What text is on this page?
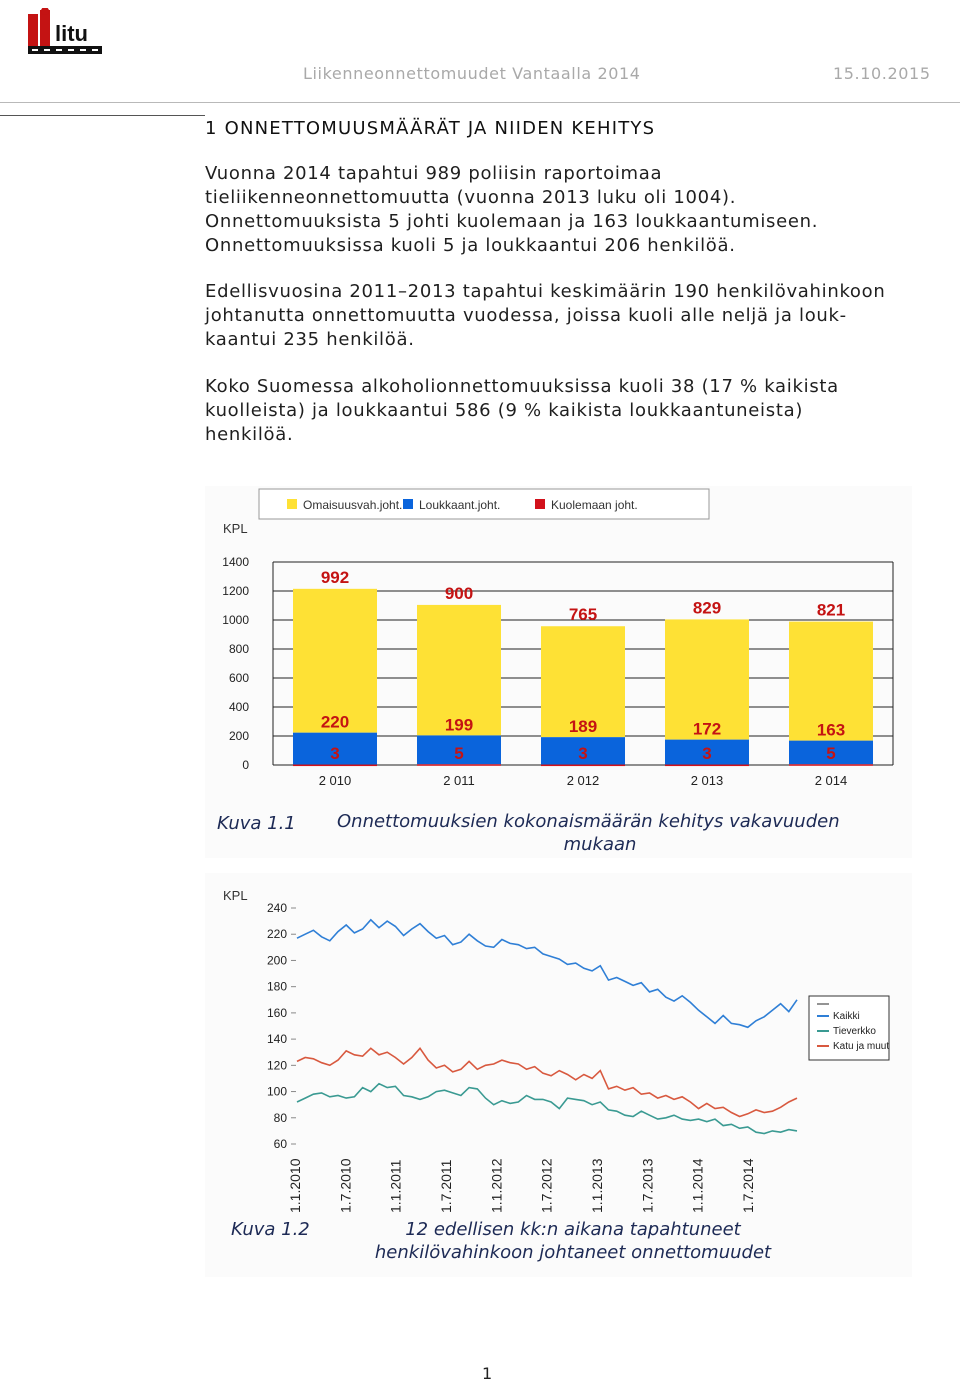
litu
Liikenneonnettomuudet Vantaalla 2014	15.10.2015
1 ONNETTOMUUSMÄÄRÄT JA NIIDEN KEHITYS
Vuonna 2014 tapahtui 989 poliisin raportoimaa
tieliikenneonnettomuutta (vuonna 2013 luku oli 1004).
Onnettomuuksista 5 johti kuolemaan ja 163 loukkaantumiseen.
Onnettomuuksissa kuoli 5 ja loukkaantui 206 henkilöä.
Edellisvuosina 2011–2013 tapahtui keskimäärin 190 henkilövahinkoon
johtanutta onnettomuutta vuodessa, joissa kuoli alle neljä ja louk-
kaantui 235 henkilöä.
Koko Suomessa alkoholionnettomuuksissa kuoli 38 (17 % kaikista
kuolleista) ja loukkaantui 586 (9 % kaikista loukkaantuneista)
henkilöä.
Omaisuusvah.joht. Loukkaant.joht.	Kuolemaan joht.
KPL
0
200
400
600
800
1000
1200
1400
992
220
3
2 010
900
199
5
2 011
765
189
3
2 012
829
172
3
2 013
821
163
5
2 014
Kuva 1.1 Onnettomuuksien kokonaismäärän kehitys vakavuuden
mukaan
KPL
60
80
100
120
140
160
180
200
220
240
1.1.2010 1.7.2010 1.1.2011 1.7.2011 1.1.2012 1.7.2012 1.1.2013 1.7.2013 1.1.2014 1.7.2014
Kaikki
Tieverkko
Katu ja muut
Kuva 1.2	12 edellisen kk:n aikana tapahtuneet
henkilövahinkoon johtaneet onnettomuudet
1
